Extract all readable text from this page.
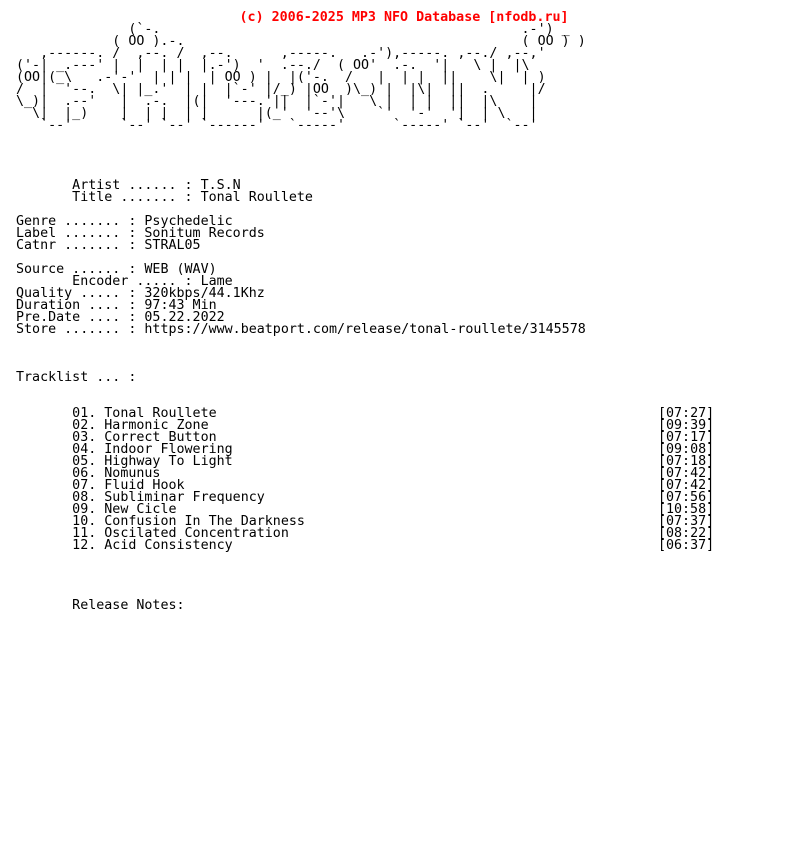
(c) 2006-2025 MP3 NFO Database [nfodb.ru]

(`-.                                             .-') _
( OO ).-.                                          ( OO ) )
,------. /  ,--. /  ,--.      ,-----.   .-'),-----. ,--./ ,--,'
('-| _.---' |  |  | |  |.-')  '  .--./  ( OO'  .-.  '|   \ |  |\
(OO|(_\   .-'-'  | | |  | OO ) |  |('-.  /   |  | |  ||    \|  | )
/  |  '--.  \| |_.'  | |  |`-' |/_) |OO  )\_) |  |\|  ||  .     |/
\_)|  .--'   |  .-.  |(|  '---.'||  |`-'|   \ |  | |  ||  |\    |
\|  |_)    |  | |  | |      |(_'  '--'\    `'  '-'  '|  | \   |
`--'      `--' `--' `------'   `-----'      `-----' `--'  `--'
Artist ...... : T.S.N
Title ....... : Tonal Roullete
Genre ....... : Psychedelic
Label ....... : Sonitum Records
Catnr ....... : STRAL05
Source ...... : WEB (WAV)
Encoder ..... : Lame
Quality ..... : 320kbps/44.1Khz
Duration .... : 97:43 Min
Pre.Date .... : 05.22.2022
Store ....... : https://www.beatport.com/release/tonal-roullete/3145578
Tracklist ... :
01. Tonal Roullete	[07:27]
02. Harmonic Zone	[09:39]
03. Correct Button	[07:17]
04. Indoor Flowering	[09:08]
05. Highway To Light	[07:18]
06. Nomunus	[07:42]
07. Fluid Hook	[07:42]
08. Subliminar Frequency	[07:56]
09. New Cicle	[10:58]
10. Confusion In The Darkness	[07:37]
11. Oscilated Concentration	[08:22]
12. Acid Consistency	[06:37]
Release Notes:
